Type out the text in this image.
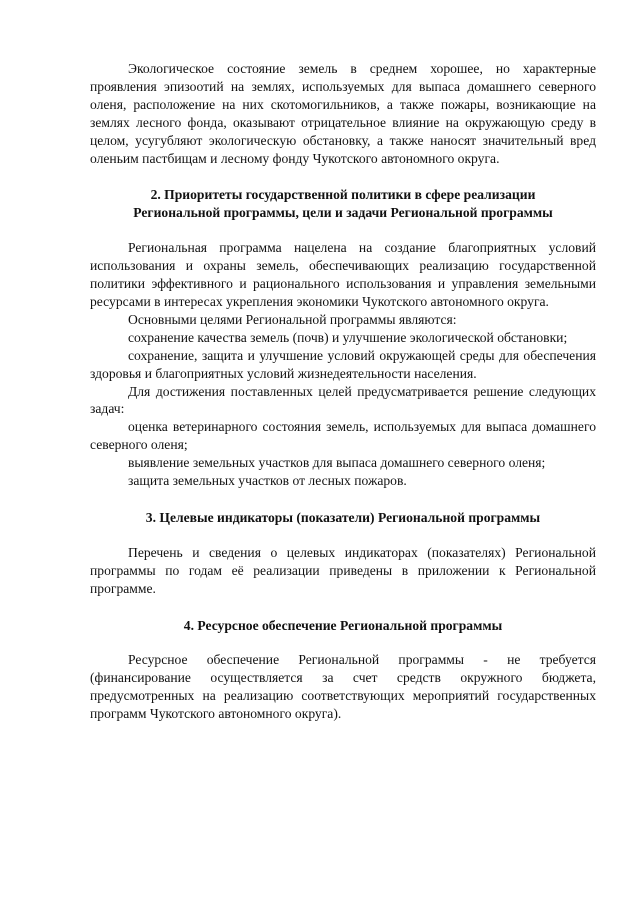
Экологическое состояние земель в среднем хорошее, но характерные проявления эпизоотий на землях, используемых для выпаса домашнего северного оленя, расположение на них скотомогильников, а также пожары, возникающие на землях лесного фонда, оказывают отрицательное влияние на окружающую среду в целом, усугубляют экологическую обстановку, а также наносят значительный вред оленьим пастбищам и лесному фонду Чукотского автономного округа.

2. Приоритеты государственной политики в сфере реализации
Региональной программы, цели и задачи Региональной программы

Региональная программа нацелена на создание благоприятных условий использования и охраны земель, обеспечивающих реализацию государственной политики эффективного и рационального использования и управления земельными ресурсами в интересах укрепления экономики Чукотского автономного округа.

Основными целями Региональной программы являются:

сохранение качества земель (почв) и улучшение экологической обстановки;

сохранение, защита и улучшение условий окружающей среды для обеспечения здоровья и благоприятных условий жизнедеятельности населения.

Для достижения поставленных целей предусматривается решение следующих задач:

оценка ветеринарного состояния земель, используемых для выпаса домашнего северного оленя;

выявление земельных участков для выпаса домашнего северного оленя;

защита земельных участков от лесных пожаров.

3. Целевые индикаторы (показатели) Региональной программы

Перечень и сведения о целевых индикаторах (показателях) Региональной программы по годам её реализации приведены в приложении к Региональной программе.

4. Ресурсное обеспечение Региональной программы

Ресурсное обеспечение Региональной программы - не требуется (финансирование осуществляется за счет средств окружного бюджета, предусмотренных на реализацию соответствующих мероприятий государственных программ Чукотского автономного округа).
